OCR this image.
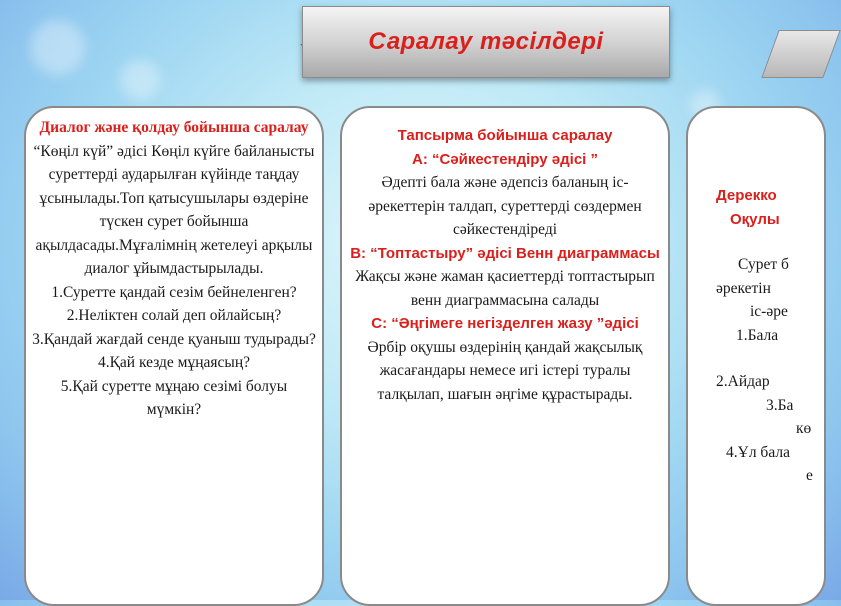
Саралау тәсілдері

Диалог және қолдау бойынша саралау

“Көңіл күй” әдісі Көңіл күйге байланысты суреттерді аударылған күйінде таңдау ұсынылады.Топ қатысушылары өздеріне түскен сурет бойынша ақылдасады.Мұғалімнің жетелеуі арқылы диалог ұйымдастырылады.

1.Суретте қандай сезім бейнеленген?

2.Неліктен солай деп ойлайсың?

3.Қандай жағдай сенде қуаныш тудырады?

4.Қай кезде мұңаясың?

5.Қай суретте мұңаю сезімі болуы мүмкін?

Тапсырма бойынша саралау

А: “Сәйкестендіру әдісі ”

Әдепті бала және әдепсіз баланың іс-әрекеттерін талдап, суреттерді сөздермен сәйкестендіреді

В: “Топтастыру” әдісі Венн диаграммасы

Жақсы және жаман қасиеттерді топтастырып венн диаграммасына салады

С: “Әңгімеге негізделген жазу ”әдісі

Әрбір оқушы өздерінің қандай жақсылық жасағандары немесе игі істері туралы талқылап, шағын әңгіме құрастырады.

Дерекко

Оқулы

Сурет б

әрекетін

іс-әре

1.Бала

2.Айдар

3.Ба

кө

4.Ұл бала

е
